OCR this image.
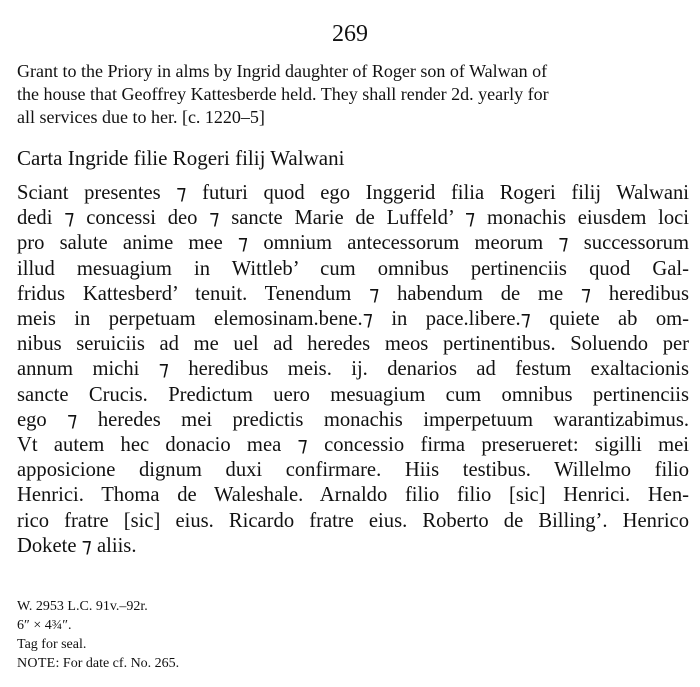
269
Grant to the Priory in alms by Ingrid daughter of Roger son of Walwan of
the house that Geoffrey Kattesberde held. They shall render 2d. yearly for
all services due to her. [c. 1220–5]
Carta Ingride filie Rogeri filij Walwani
Sciant presentes ⁊ futuri quod ego Inggerid filia Rogeri filij Walwani
dedi ⁊ concessi deo ⁊ sancte Marie de Luffeld’ ⁊ monachis eiusdem loci
pro salute anime mee ⁊ omnium antecessorum meorum ⁊ successorum
illud mesuagium in Wittleb’ cum omnibus pertinenciis quod Gal-
fridus Kattesberd’ tenuit. Tenendum ⁊ habendum de me ⁊ heredibus
meis in perpetuam elemosinam.bene.⁊ in pace.libere.⁊ quiete ab om-
nibus seruiciis ad me uel ad heredes meos pertinentibus. Soluendo per
annum michi ⁊ heredibus meis. ij. denarios ad festum exaltacionis
sancte Crucis. Predictum uero mesuagium cum omnibus pertinenciis
ego ⁊ heredes mei predictis monachis imperpetuum warantizabimus.
Vt autem hec donacio mea ⁊ concessio firma preserueret: sigilli mei
apposicione dignum duxi confirmare. Hiis testibus. Willelmo filio
Henrici. Thoma de Waleshale. Arnaldo filio filio [sic] Henrici. Hen-
rico fratre [sic] eius. Ricardo fratre eius. Roberto de Billing’. Henrico
Dokete ⁊ aliis.
W. 2953 L.C. 91v.–92r.
6″ × 4¾″.
Tag for seal.
NOTE: For date cf. No. 265.
